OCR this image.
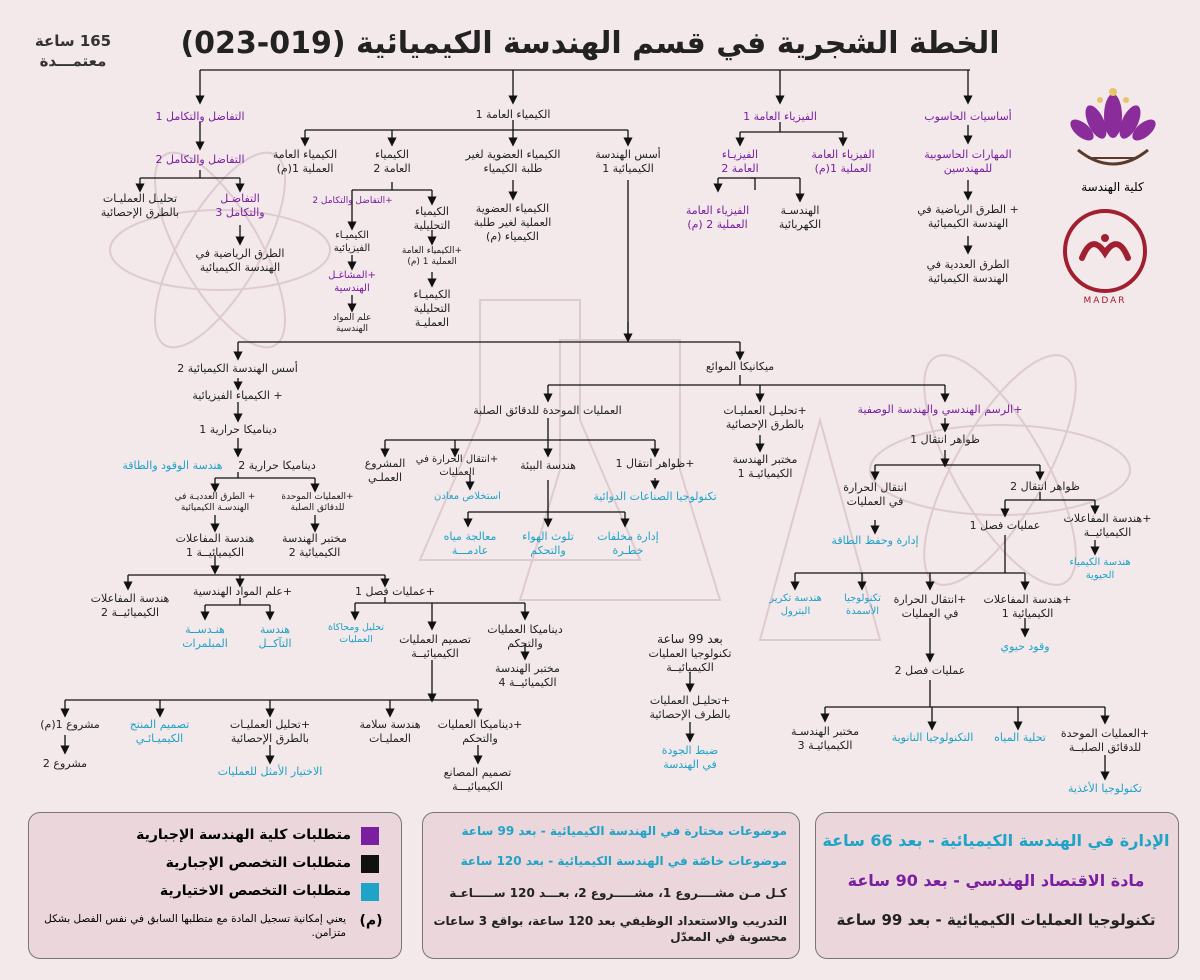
الخطة الشجرية في قسم الهندسة الكيميائية (019-023)
165 ساعة
معتمـــدة
كلية الهندسة
MADAR
أساسيات الحاسوب
المهارات الحاسوبية
للمهندسين
+ الطرق الرياضية في
الهندسة الكيميائية
الطرق العددية في
الهندسة الكيميائية
الفيزياء العامة 1
الفيزياء العامة
العملية 1(م)
الفيزيـاء
العامة 2
الهندسـة
الكهربائية
الفيزياء العامة
العملية 2 (م)
الكيمياء العامة 1
أسس الهندسة
الكيميائية 1
الكيمياء العضوية لغير
طلبة الكيمياء
الكيمياء العضوية
العملية لغير طلبة
الكيمياء (م)
الكيمياء
العامة 2
الكيمياء العامة
العملية 1(م)
+التفاضل والتكامل 2
الكيميـاء
الفيزيائية
+المشاغـل
الهندسية
علم المواد
الهندسية
الكيمياء
التحليلية
+الكيمياء العامة
العملية 1 (م)
الكيميـاء
التحليلية
العمليـة
التفاضل والتكامل 1
التفاضل والتكامل 2
التفاضـل
والتكامل 3
تحليـل العمليـات
بالطرق الإحصائية
الطرق الرياضية في
الهندسة الكيميائية
أسس الهندسة الكيميائية 2
+ الكيمياء الفيزيائية
ديناميكا حرارية 1
ديناميكا حرارية 2
هندسة الوقود والطاقة
+ الطرق العدديـة في
الهندسـة الكيميائية
+العمليات الموحدة
للدقائق الصلبة
هندسة المفاعلات
الكيميائيــة 1
مختبر الهندسة
الكيميائية 2
هندسة المفاعلات
الكيميائيــة 2
+علم المواد الهندسية
هنـدســة
المبلمرات
هندسة
التآكــل
+عمليات فصل 1
تحليل ومحاكاة
العمليات	تصميم العمليات
الكيميائيــة
ديناميكا العمليات
والتحكم
مختبر الهندسة
الكيميائيــة 4
مشروع 1(م)
مشروع 2
تصميم المنتج
الكيميـائـي
+تحليل العمليـات
بالطرق الإحصائية
الاختيار الأمثل للعمليات
هندسة سلامة
العمليـات
+ديناميكا العمليات
والتحكم
تصميم المصانع
الكيميائيـــة
ميكانيكا الموائع
العمليات الموحدة للدقائق الصلبة
المشروع
العملـي
+انتقال الحرارة في
العمليات
استخلاص معادن
هندسة البيئة	+ظواهر انتقال 1
تكنولوجيا الصناعات الدوائية
معالجة مياه
عادمـــة
تلوث الهواء
والتحكم
إدارة مخلفات
خطـرة
+تحليـل العمليـات
بالطرق الإحصائية
مختبر الهندسة
الكيميائيـة 1
+الرسم الهندسي والهندسة الوصفية
ظواهر انتقال 1
ظواهر انتقال 2
انتقال الحرارة
في العمليات
إدارة وحفظ الطاقة
+هندسة المفاعلات
الكيميائيــة
عمليات فصل 1
هندسة الكيمياء
الحيوية
هندسة تكرير
البترول
تكنولوجيا
الأسمدة
+انتقال الحرارة
في العمليات
+هندسة المفاعلات
الكيميائية 1
وقود حيوي
عمليات فصل 2
مختبر الهندسـة
الكيميائيـة 3
التكنولوجيا النانوية	تحلية المياه	+العمليات الموحدة
للدقائق الصلبــة
تكنولوجيا الأغذية
بعد 99 ساعة
تكنولوجيا العمليات
الكيميائيــة
+تحليـل العمليات
بالطرف الإحصائية
ضبط الجودة
في الهندسة
متطلبات كلية الهندسة الإجبارية
متطلبات التخصص الإجبارية
متطلبات التخصص الاختيارية
(م)
يعني إمكانية تسجيل المادة مع متطلبها السابق في نفس الفصل بشكل متزامن.
موضوعات مختارة في الهندسة الكيميائية - بعد 99 ساعة
موضوعات خاصّة في الهندسة الكيميائية - بعد 120 ساعة
كـل مـن مشــــروع 1، مشـــــروع 2، بعـــد 120 ســـــاعـة
التدريب والاستعداد الوظيفي بعد 120 ساعة، بواقع 3 ساعات محسوبة في المعدّل
الإدارة في الهندسة الكيميائية - بعد 66 ساعة
مادة الاقتصاد الهندسي - بعد 90 ساعة
تكنولوجيا العمليات الكيميائية - بعد 99 ساعة
